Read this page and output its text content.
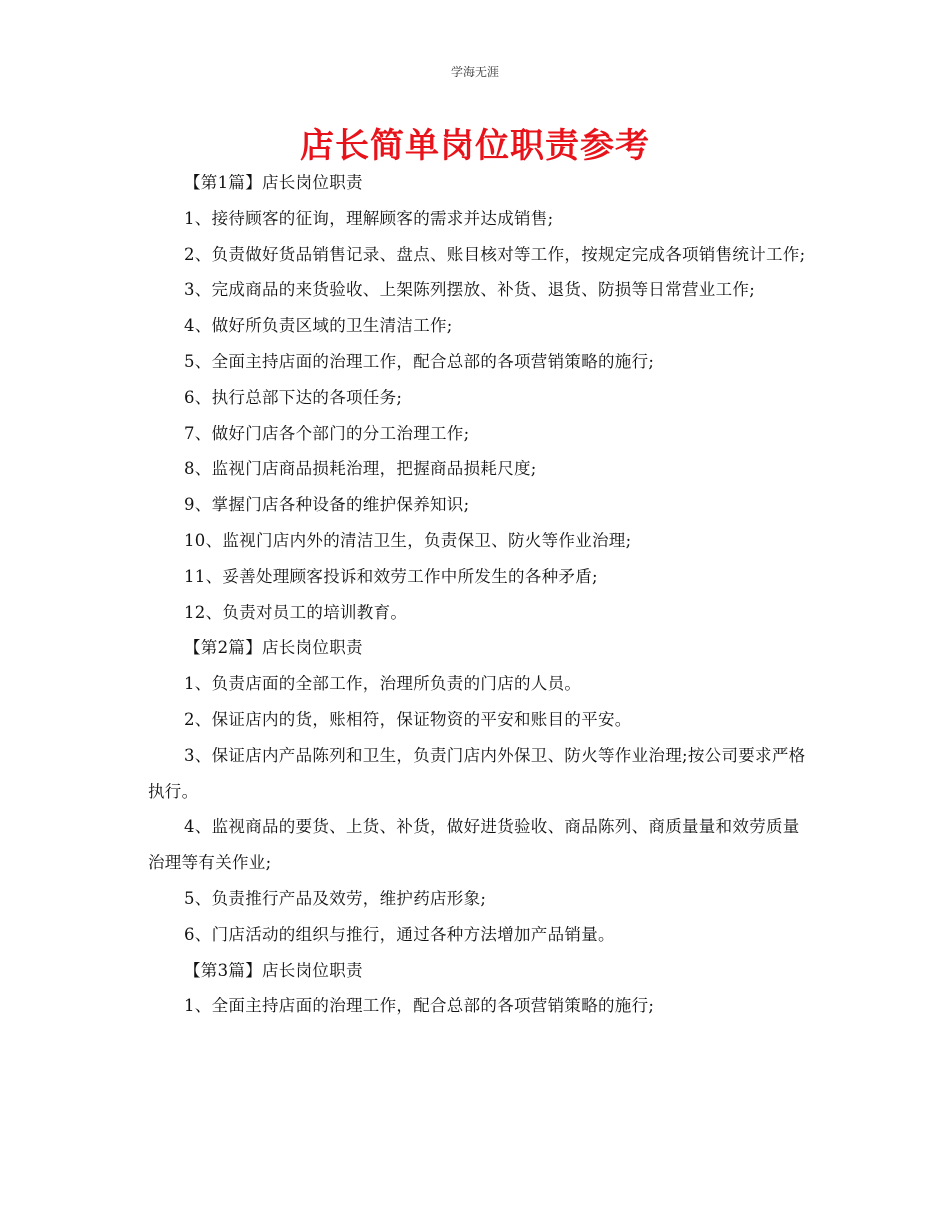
学海无涯
店长简单岗位职责参考

【第1篇】店长岗位职责

1、接待顾客的征询，理解顾客的需求并达成销售;

2、负责做好货品销售记录、盘点、账目核对等工作，按规定完成各项销售统计工作;

3、完成商品的来货验收、上架陈列摆放、补货、退货、防损等日常营业工作;

4、做好所负责区域的卫生清洁工作;

5、全面主持店面的治理工作，配合总部的各项营销策略的施行;

6、执行总部下达的各项任务;

7、做好门店各个部门的分工治理工作;

8、监视门店商品损耗治理，把握商品损耗尺度;

9、掌握门店各种设备的维护保养知识;

10、监视门店内外的清洁卫生，负责保卫、防火等作业治理;

11、妥善处理顾客投诉和效劳工作中所发生的各种矛盾;

12、负责对员工的培训教育。

【第2篇】店长岗位职责

1、负责店面的全部工作，治理所负责的门店的人员。

2、保证店内的货，账相符，保证物资的平安和账目的平安。

3、保证店内产品陈列和卫生，负责门店内外保卫、防火等作业治理;按公司要求严格执行。

4、监视商品的要货、上货、补货，做好进货验收、商品陈列、商质量量和效劳质量治理等有关作业;

5、负责推行产品及效劳，维护药店形象;

6、门店活动的组织与推行，通过各种方法增加产品销量。

【第3篇】店长岗位职责

1、全面主持店面的治理工作，配合总部的各项营销策略的施行;
